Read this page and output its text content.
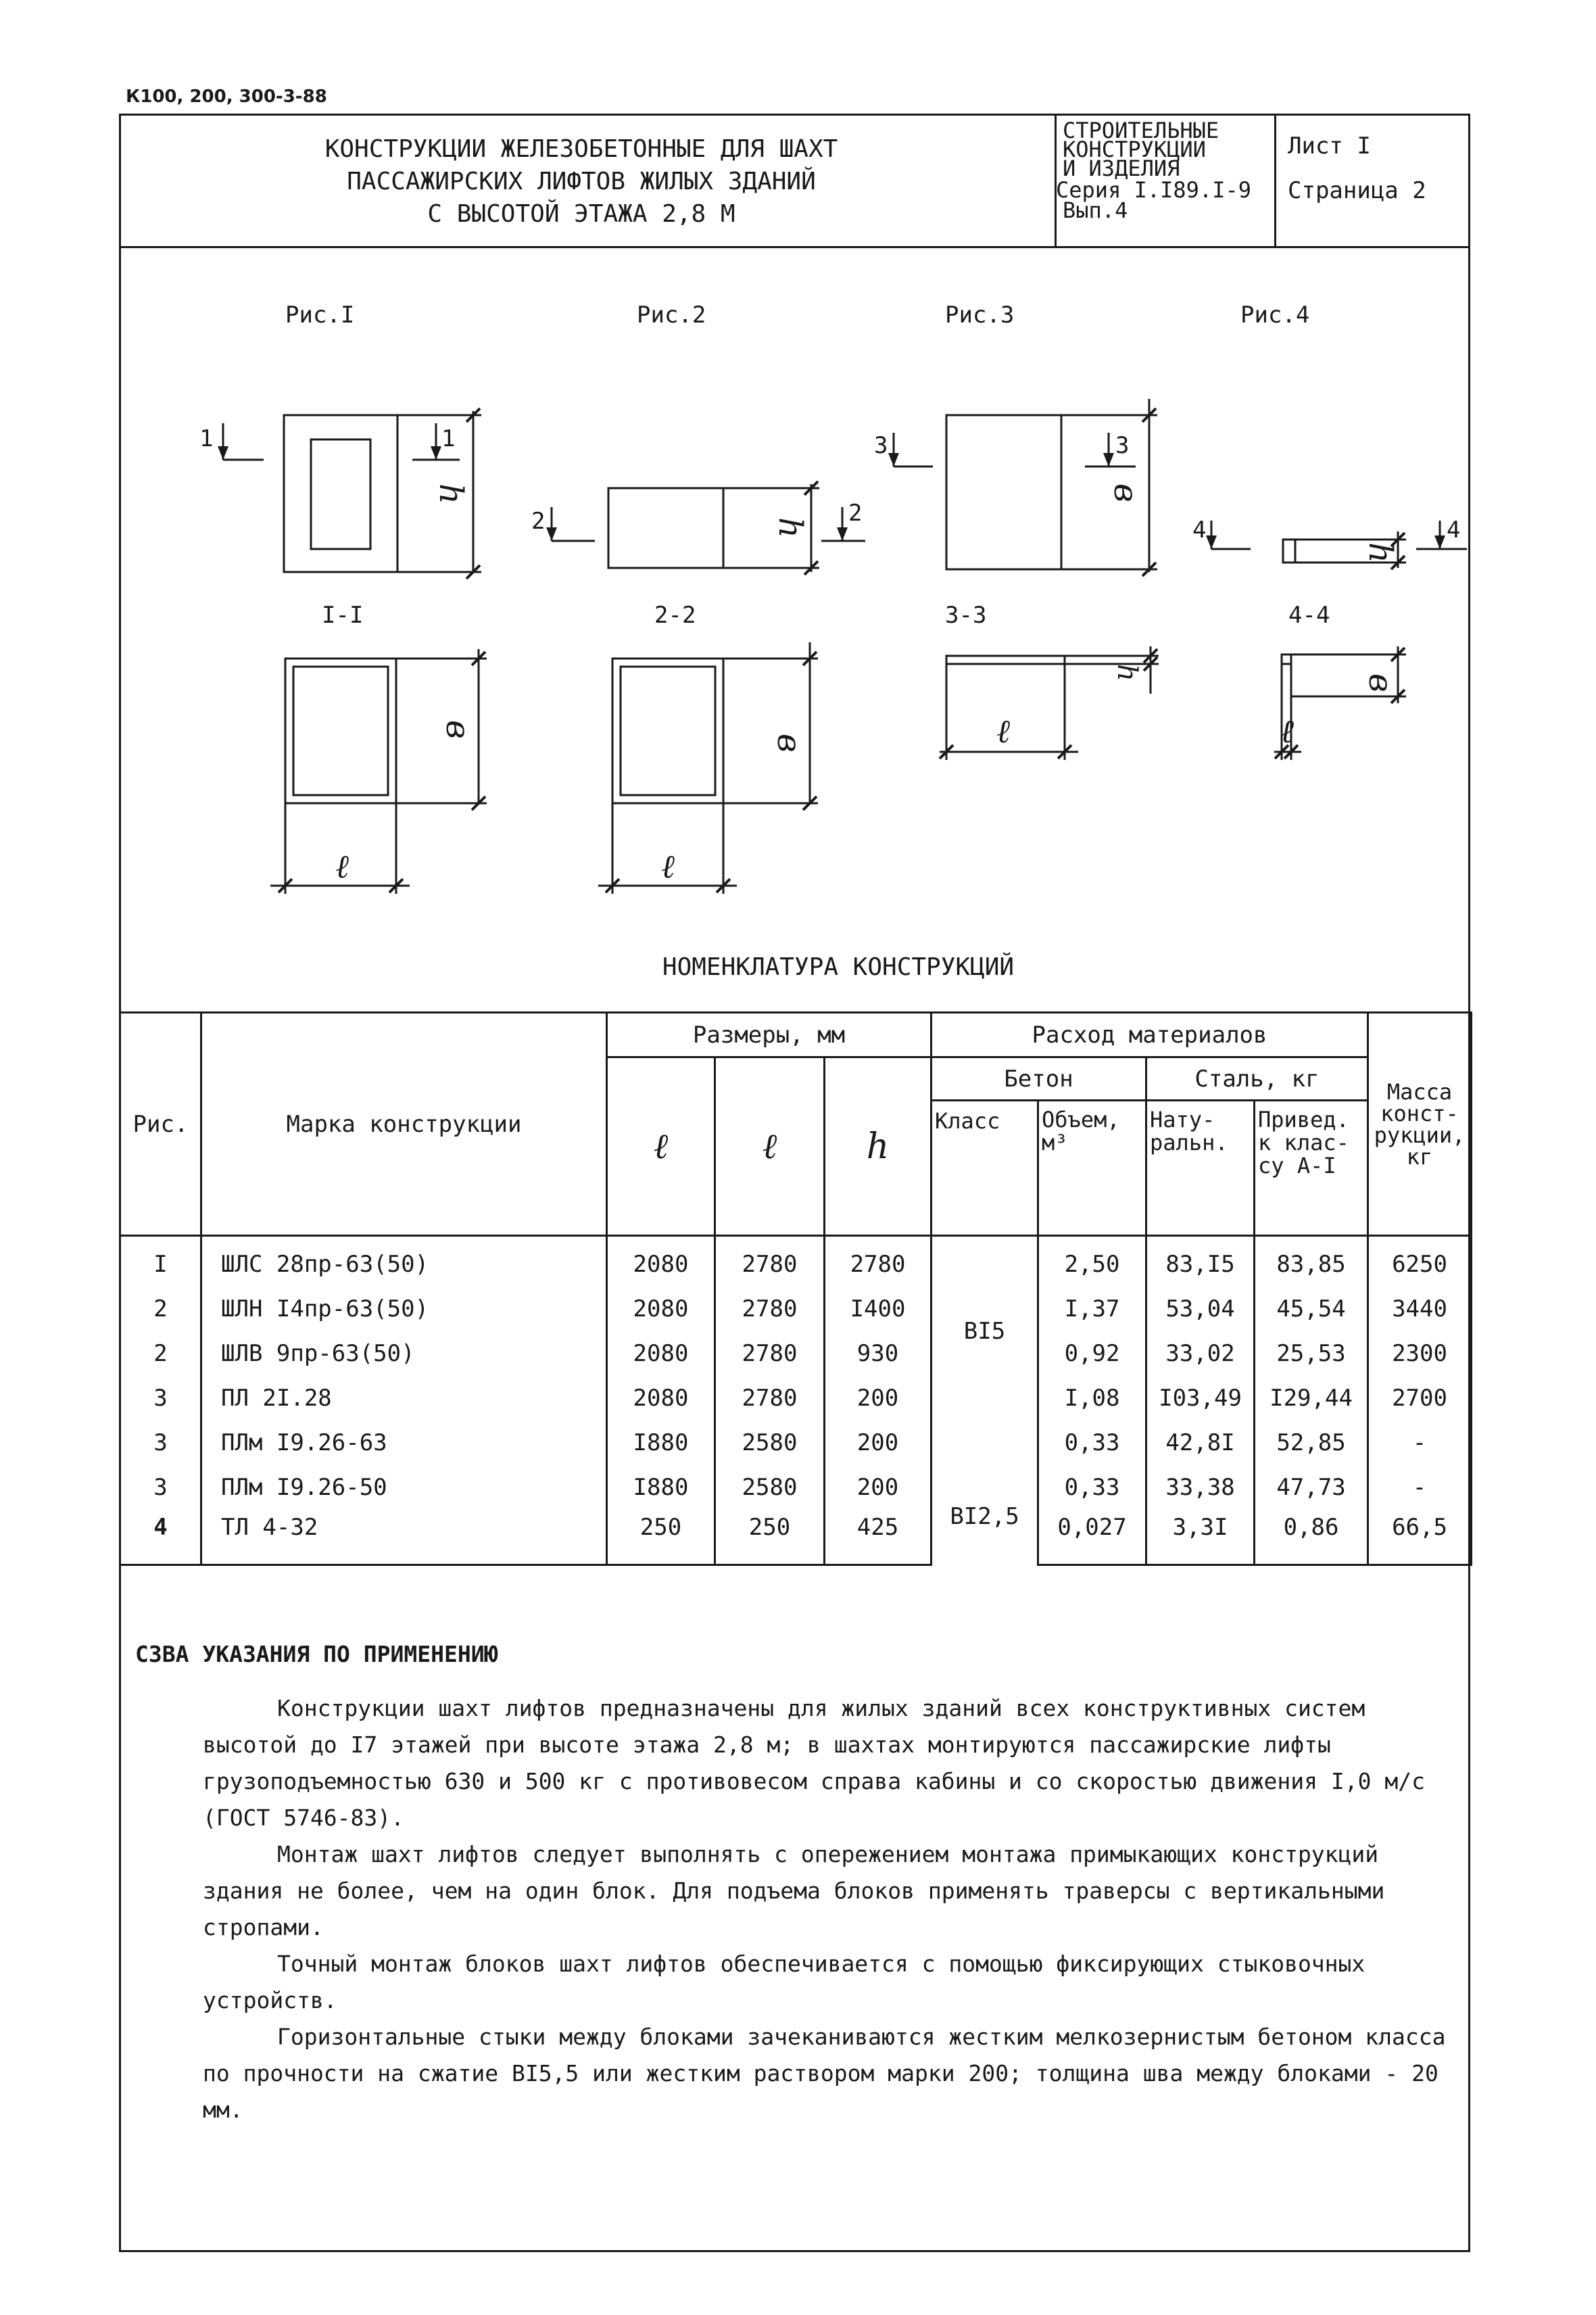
К100, 200, 300-3-88
КОНСТРУКЦИИ ЖЕЛЕЗОБЕТОННЫЕ ДЛЯ ШАХТ
ПАССАЖИРСКИХ ЛИФТОВ ЖИЛЫХ ЗДАНИЙ
С ВЫСОТОЙ ЭТАЖА 2,8 М
СТРОИТЕЛЬНЫЕ
КОНСТРУКЦИИ
И ИЗДЕЛИЯ
Серия I.I89.I-9
Вып.4
Лист I
Страница 2
Рис.I	Рис.2	Рис.3	Рис.4
I-I	2-2	3-3	4-4
1	1
2	2
3	3
4	4
h
h
в
h
в
в
ℓ	ℓ
ℓ
в
ℓ
h
НОМЕНКЛАТУРА КОНСТРУКЦИЙ
Рис.	Марка конструкции	Размеры, мм			Расход материалов				Масса конст- рукции, кг
		ℓ	ℓ	h	Бетон		Сталь, кг		
					Класс	Объем, м³	Нату- ральн.	Привед. к клас- су А-I	
I	ШЛС 28пр-63(50)	2080	2780	2780	BI5	2,50	83,I5	83,85	6250
2	ШЛН I4пр-63(50)	2080	2780	I400		I,37	53,04	45,54	3440
2	ШЛВ 9пр-63(50)	2080	2780	930		0,92	33,02	25,53	2300
3	ПЛ 2I.28	2080	2780	200		I,08	I03,49	I29,44	2700
3	ПЛм I9.26-63	I880	2580	200	BI2,5	0,33	42,8I	52,85	-
3	ПЛм I9.26-50	I880	2580	200		0,33	33,38	47,73	-
4	ТЛ 4-32	250	250	425		0,027	3,3I	0,86	66,5
СЗВА УКАЗАНИЯ ПО ПРИМЕНЕНИЮ

Конструкции шахт лифтов предназначены для жилых зданий всех конструктивных систем высотой до I7 этажей при высоте этажа 2,8 м; в шахтах монтируются пассажирские лифты грузоподъемностью 630 и 500 кг с противовесом справа кабины и со скоростью движения I,0 м/с (ГОСТ 5746-83).

Монтаж шахт лифтов следует выполнять с опережением монтажа примыкающих конструкций здания не более, чем на один блок. Для подъема блоков применять траверсы с вертикальными стропами.

Точный монтаж блоков шахт лифтов обеспечивается с помощью фиксирующих стыковочных устройств.

Горизонтальные стыки между блоками зачеканиваются жестким мелкозернистым бетоном класса по прочности на сжатие BI5,5 или жестким раствором марки 200; толщина шва между блоками - 20 мм.
